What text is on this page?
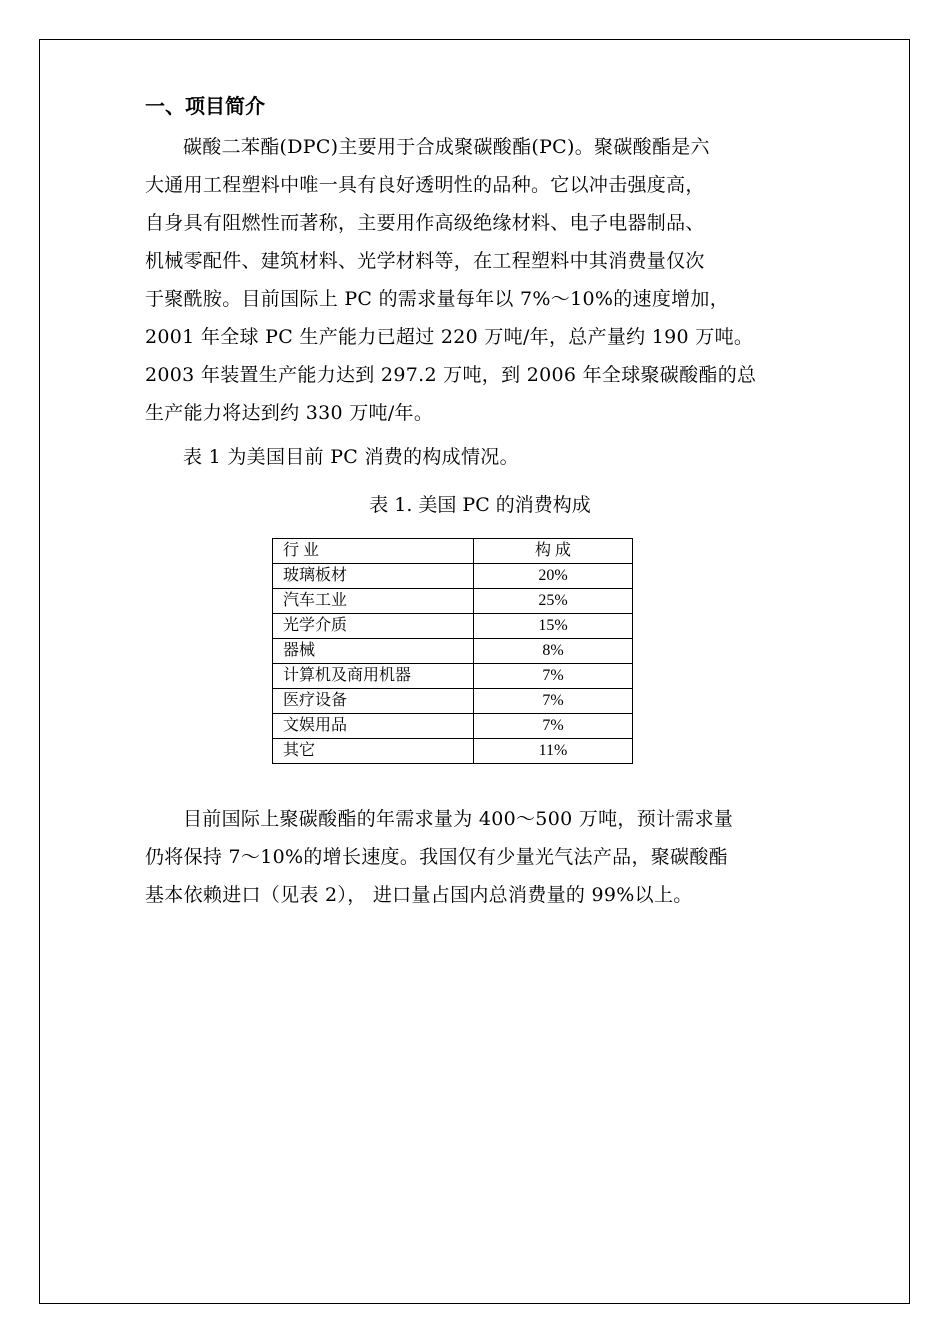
一、项目简介
碳酸二苯酯(DPC)主要用于合成聚碳酸酯(PC)。聚碳酸酯是六
大通用工程塑料中唯一具有良好透明性的品种。它以冲击强度高，
自身具有阻燃性而著称，主要用作高级绝缘材料、电子电器制品、
机械零配件、建筑材料、光学材料等，在工程塑料中其消费量仅次
于聚酰胺。目前国际上 PC 的需求量每年以 7%～10%的速度增加，
2001 年全球 PC 生产能力已超过 220 万吨/年，总产量约 190 万吨。
2003 年装置生产能力达到 297.2 万吨，到 2006 年全球聚碳酸酯的总
生产能力将达到约 330 万吨/年。

表 1 为美国目前 PC 消费的构成情况。

表 1. 美国 PC 的消费构成
行 业	构 成
玻璃板材	20%
汽车工业	25%
光学介质	15%
器械	8%
计算机及商用机器	7%
医疗设备	7%
文娱用品	7%
其它	11%
目前国际上聚碳酸酯的年需求量为 400～500 万吨，预计需求量
仍将保持 7～10%的增长速度。我国仅有少量光气法产品，聚碳酸酯
基本依赖进口（见表 2）， 进口量占国内总消费量的 99%以上。
